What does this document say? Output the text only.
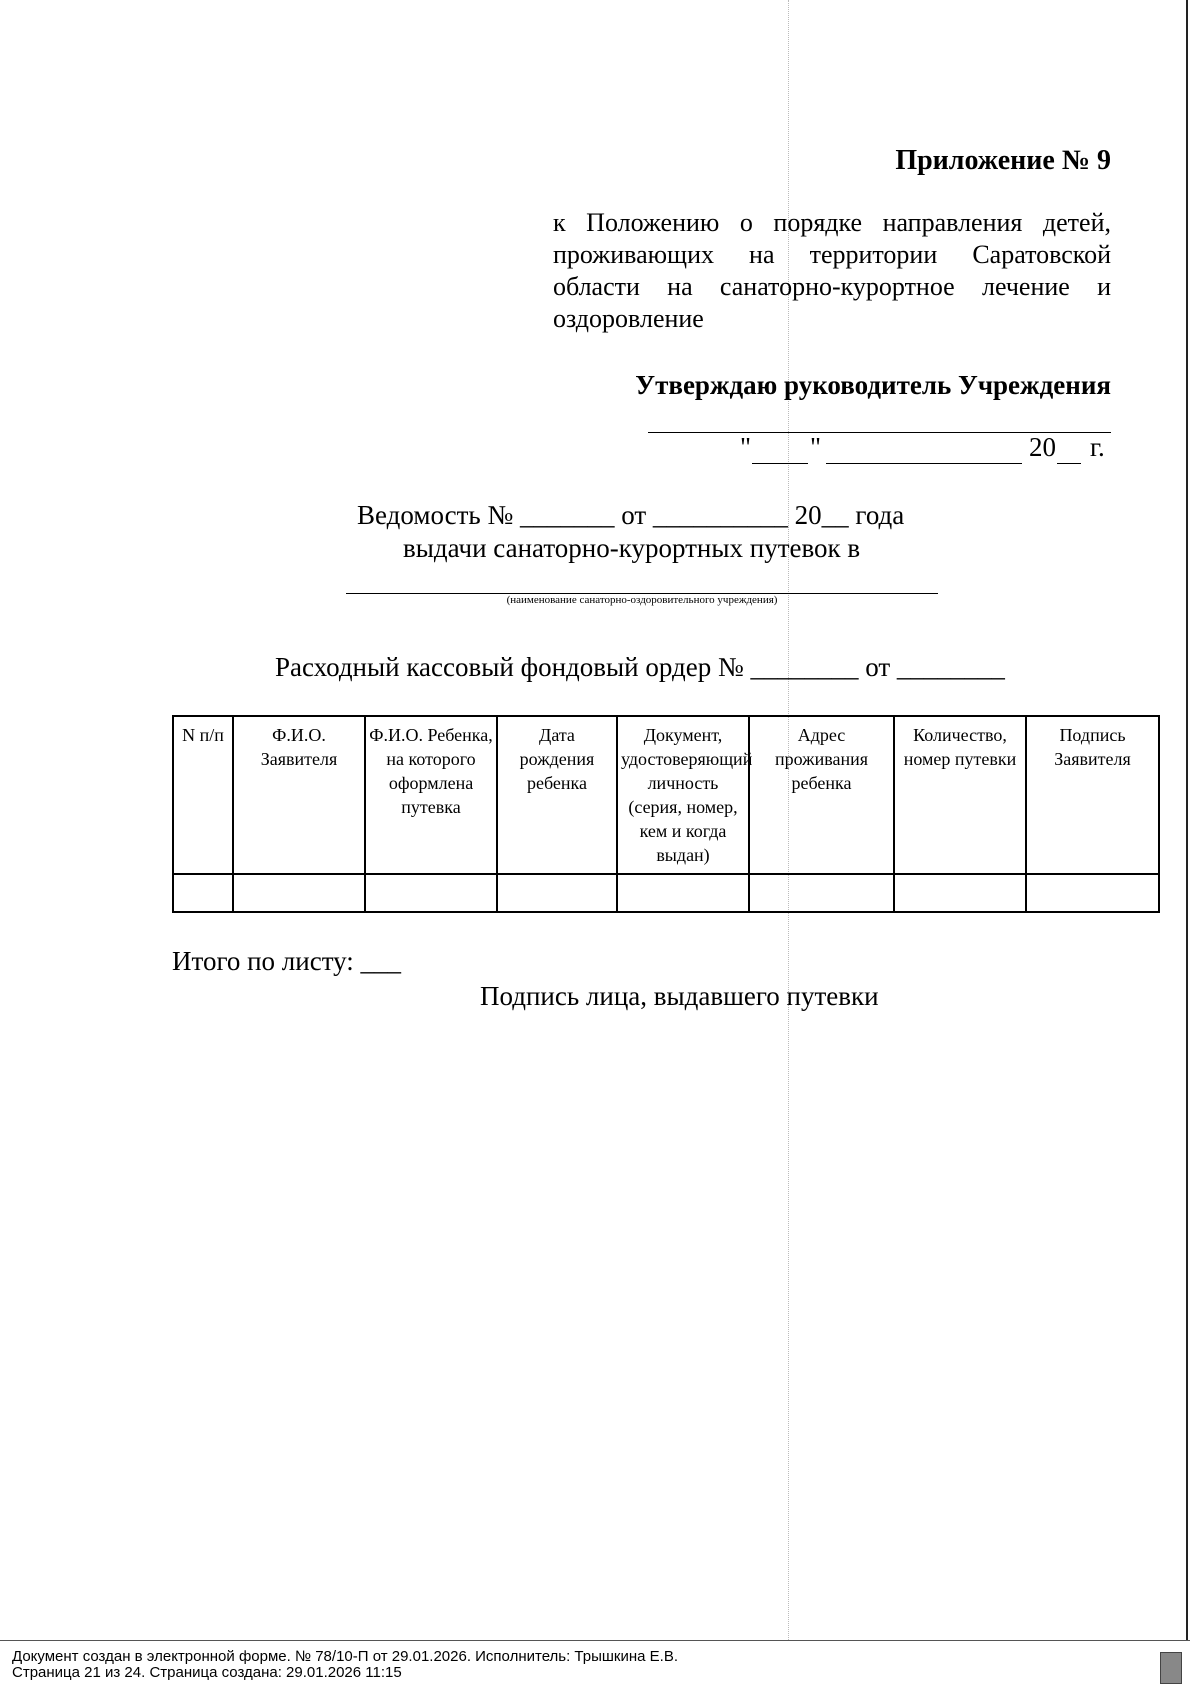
Приложение № 9
к Положению о порядке направления детей, проживающих на территории Саратовской области на санаторно-курортное лечение и оздоровление
Утверждаю руководитель Учреждения
" "	20 г.
Ведомость № _______ от __________ 20__ года
выдачи санаторно-курортных путевок в
(наименование санаторно-оздоровительного учреждения)
Расходный кассовый фондовый ордер № ________ от ________
N п/п	Ф.И.О. Заявителя	Ф.И.О. Ребенка, на которого оформлена путевка	Дата рождения ребенка	Документ, удостоверяющий личность (серия, номер, кем и когда выдан)	Адрес проживания ребенка	Количество, номер путевки	Подпись Заявителя

Итого по листу: ___
Подпись лица, выдавшего путевки
Документ создан в электронной форме. № 78/10-П от 29.01.2026. Исполнитель: Трышкина Е.В.
Страница 21 из 24. Страница создана: 29.01.2026 11:15
